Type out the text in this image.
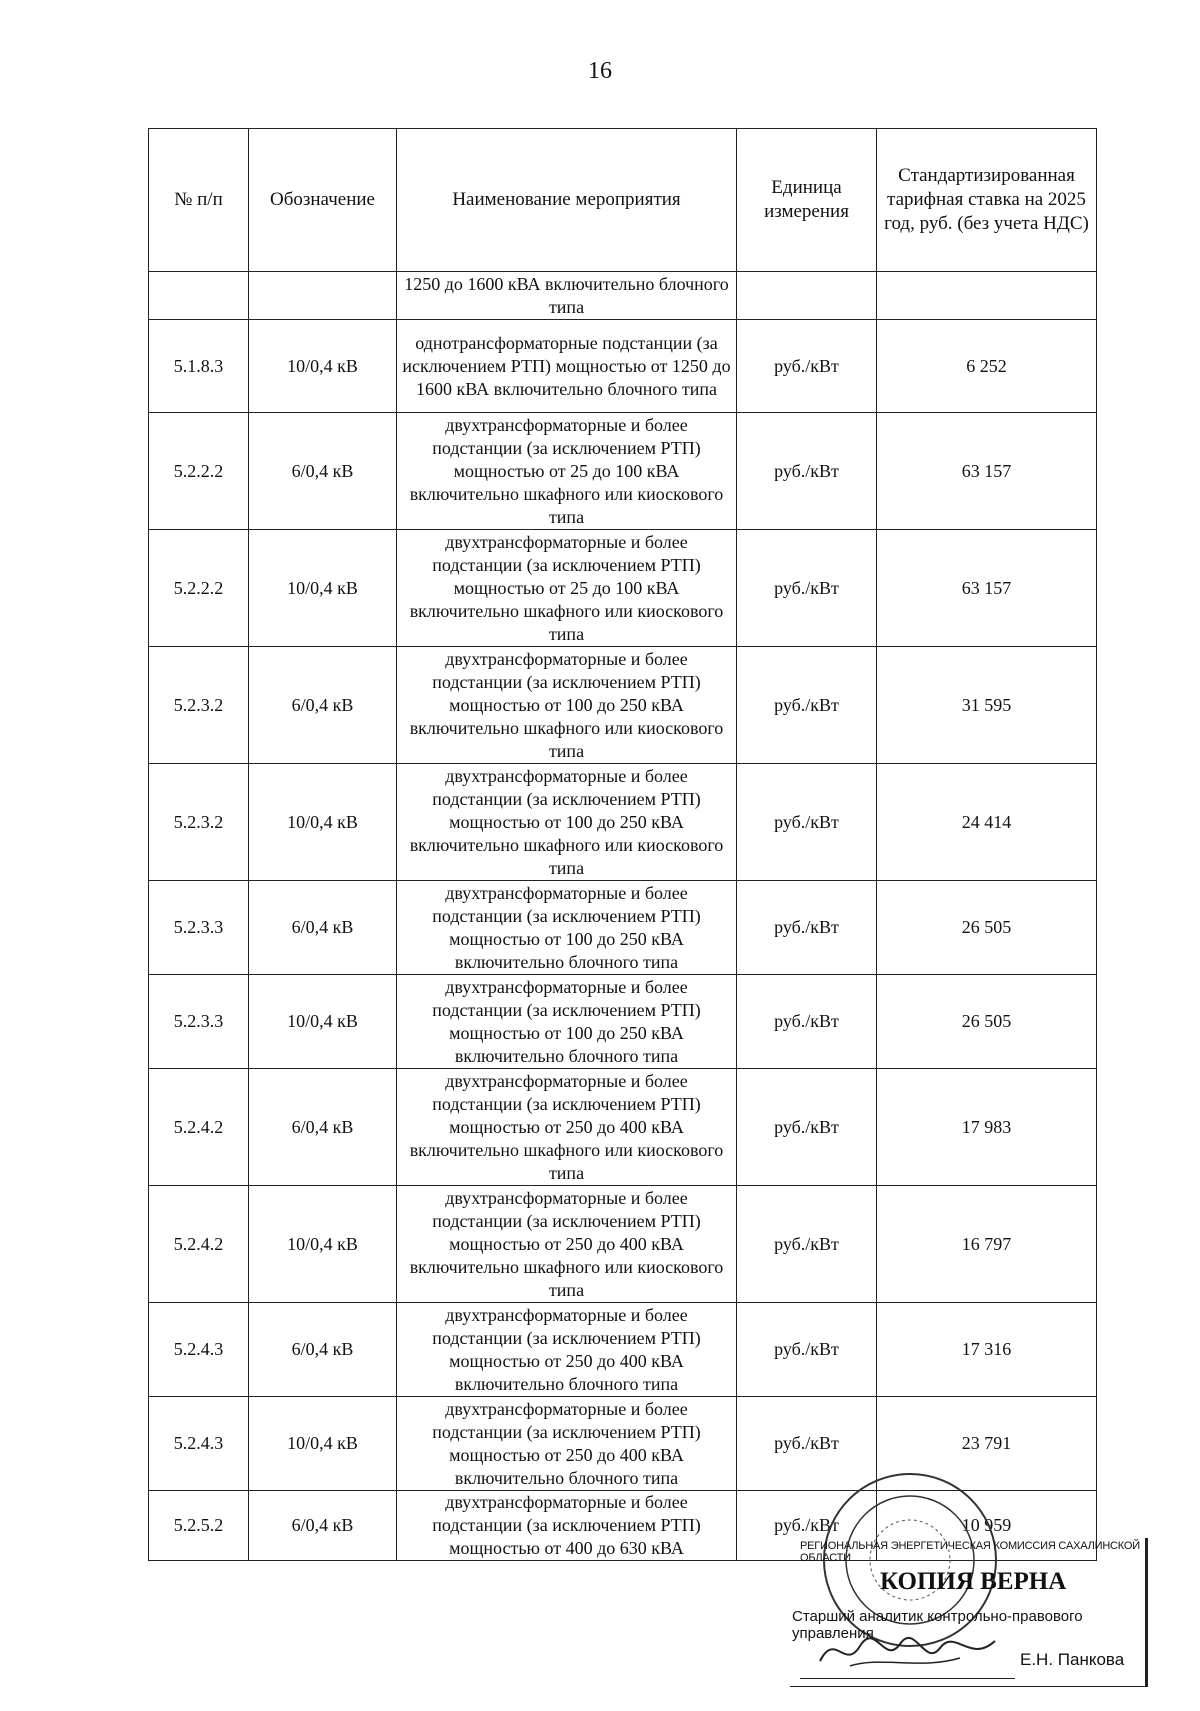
16
№ п/п	Обозначение	Наименование мероприятия	Единица измерения	Стандартизированная тарифная ставка на 2025 год, руб. (без учета НДС)
		1250 до 1600 кВА включительно блочного типа		
5.1.8.3	10/0,4 кВ	однотрансформаторные подстанции (за исключением РТП) мощностью от 1250 до 1600 кВА включительно блочного типа	руб./кВт	6 252
5.2.2.2	6/0,4 кВ	двухтрансформаторные и более подстанции (за исключением РТП) мощностью от 25 до 100 кВА включительно шкафного или киоскового типа	руб./кВт	63 157
5.2.2.2	10/0,4 кВ	двухтрансформаторные и более подстанции (за исключением РТП) мощностью от 25 до 100 кВА включительно шкафного или киоскового типа	руб./кВт	63 157
5.2.3.2	6/0,4 кВ	двухтрансформаторные и более подстанции (за исключением РТП) мощностью от 100 до 250 кВА включительно шкафного или киоскового типа	руб./кВт	31 595
5.2.3.2	10/0,4 кВ	двухтрансформаторные и более подстанции (за исключением РТП) мощностью от 100 до 250 кВА включительно шкафного или киоскового типа	руб./кВт	24 414
5.2.3.3	6/0,4 кВ	двухтрансформаторные и более подстанции (за исключением РТП) мощностью от 100 до 250 кВА включительно блочного типа	руб./кВт	26 505
5.2.3.3	10/0,4 кВ	двухтрансформаторные и более подстанции (за исключением РТП) мощностью от 100 до 250 кВА включительно блочного типа	руб./кВт	26 505
5.2.4.2	6/0,4 кВ	двухтрансформаторные и более подстанции (за исключением РТП) мощностью от 250 до 400 кВА включительно шкафного или киоскового типа	руб./кВт	17 983
5.2.4.2	10/0,4 кВ	двухтрансформаторные и более подстанции (за исключением РТП) мощностью от 250 до 400 кВА включительно шкафного или киоскового типа	руб./кВт	16 797
5.2.4.3	6/0,4 кВ	двухтрансформаторные и более подстанции (за исключением РТП) мощностью от 250 до 400 кВА включительно блочного типа	руб./кВт	17 316
5.2.4.3	10/0,4 кВ	двухтрансформаторные и более подстанции (за исключением РТП) мощностью от 250 до 400 кВА включительно блочного типа	руб./кВт	23 791
5.2.5.2	6/0,4 кВ	двухтрансформаторные и более подстанции (за исключением РТП) мощностью от 400 до 630 кВА	руб./кВт	10 959
РЕГИОНАЛЬНАЯ ЭНЕРГЕТИЧЕСКАЯ КОМИССИЯ САХАЛИНСКОЙ ОБЛАСТИ
КОПИЯ ВЕРНА
Старший аналитик контрольно-правового управления
Е.Н. Панкова
